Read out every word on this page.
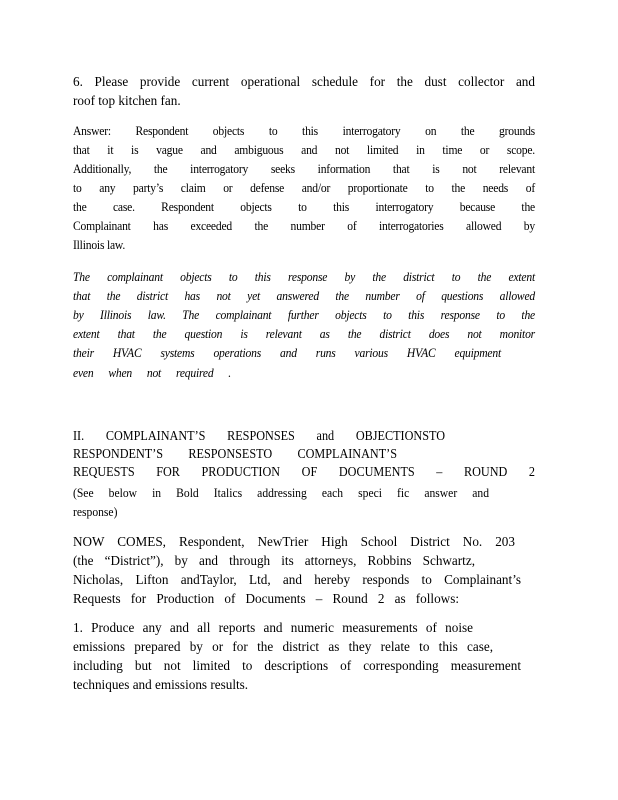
6. Please provide current operational schedule for the dust collector and
roof top kitchen fan.
Answer: Respondent objects to this interrogatory on the grounds
that it is vague and ambiguous and not limited in time or scope.
Additionally, the interrogatory seeks information that is not relevant
to any party’s claim or defense and/or proportionate to the needs of
the case. Respondent objects to this interrogatory because the
Complainant has exceeded the number of interrogatories allowed by
Illinois law.
The complainant objects to this response by the district to the extent
that the district has not yet answered the number of questions allowed
by Illinois law. The complainant further objects to this response to the
extent that the question is relevant as the district does not monitor
their HVAC systems operations and runs various HVAC equipment
even when not required .
II. COMPLAINANT’S RESPONSES and OBJECTIONSTO
RESPONDENT’S RESPONSESTO COMPLAINANT’S
REQUESTS FOR PRODUCTION OF DOCUMENTS – ROUND 2
(See below in Bold Italics addressing each speci fic answer and
response)
NOW COMES, Respondent, NewTrier High School District No. 203
(the “District”), by and through its attorneys, Robbins Schwartz,
Nicholas, Lifton andTaylor, Ltd, and hereby responds to Complainant’s
Requests for Production of Documents – Round 2 as follows:
1. Produce any and all reports and numeric measurements of noise
emissions prepared by or for the district as they relate to this case,
including but not limited to descriptions of corresponding measurement
techniques and emissions results.
